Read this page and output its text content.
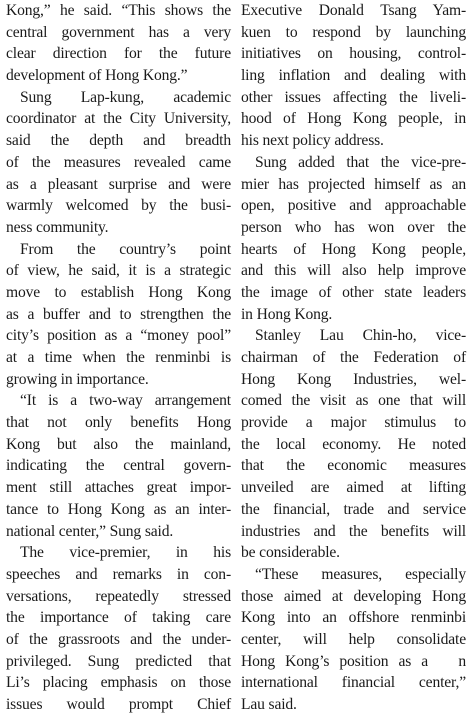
Kong,” he said. “This shows the
central government has a very
clear direction for the future
development of Hong Kong.”
Sung Lap-kung, academic
coordinator at the City University,
said the depth and breadth
of the measures revealed came
as a pleasant surprise and were
warmly welcomed by the busi-
ness community.
From the country’s point
of view, he said, it is a strategic
move to establish Hong Kong
as a buffer and to strengthen the
city’s position as a “money pool”
at a time when the renminbi is
growing in importance.
“It is a two-way arrangement
that not only benefits Hong
Kong but also the mainland,
indicating the central govern-
ment still attaches great impor-
tance to Hong Kong as an inter-
national center,” Sung said.
The vice-premier, in his
speeches and remarks in con-
versations, repeatedly stressed
the importance of taking care
of the grassroots and the under-
privileged. Sung predicted that
Li’s placing emphasis on those
issues would prompt Chief
Executive Donald Tsang Yam-
kuen to respond by launching
initiatives on housing, control-
ling inflation and dealing with
other issues affecting the liveli-
hood of Hong Kong people, in
his next policy address.
Sung added that the vice-pre-
mier has projected himself as an
open, positive and approachable
person who has won over the
hearts of Hong Kong people,
and this will also help improve
the image of other state leaders
in Hong Kong.
Stanley Lau Chin-ho, vice-
chairman of the Federation of
Hong Kong Industries, wel-
comed the visit as one that will
provide a major stimulus to
the local economy. He noted
that the economic measures
unveiled are aimed at lifting
the financial, trade and service
industries and the benefits will
be considerable.
“These measures, especially
those aimed at developing Hong
Kong into an offshore renminbi
center, will help consolidate
Hong Kong’s position as a   n
international financial center,”
Lau said.
